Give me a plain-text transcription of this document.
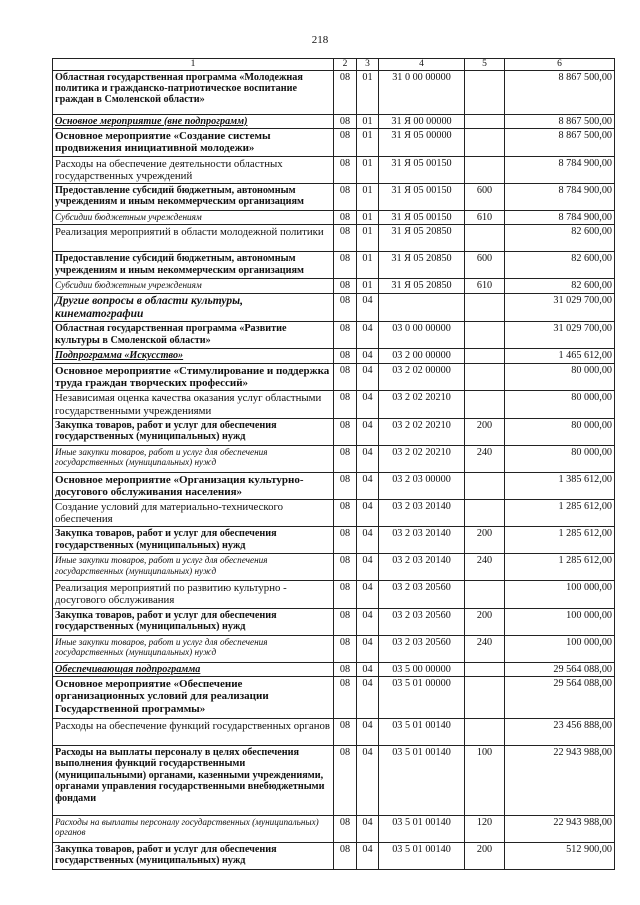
218
1	2	3	4	5	6
Областная государственная программа «Молодежная политика и гражданско-патриотическое воспитание граждан в Смоленской области»	08	01	31 0 00 00000		8 867 500,00
Основное мероприятие (вне подпрограмм)	08	01	31 Я 00 00000		8 867 500,00
Основное мероприятие «Создание системы продвижения инициативной молодежи»	08	01	31 Я 05 00000		8 867 500,00
Расходы на обеспечение деятельности областных государственных учреждений	08	01	31 Я 05 00150		8 784 900,00
Предоставление субсидий бюджетным, автономным учреждениям и иным некоммерческим организациям	08	01	31 Я 05 00150	600	8 784 900,00
Субсидии бюджетным учреждениям	08	01	31 Я 05 00150	610	8 784 900,00
Реализация мероприятий в области молодежной политики	08	01	31 Я 05 20850		82 600,00
Предоставление субсидий бюджетным, автономным учреждениям и иным некоммерческим организациям	08	01	31 Я 05 20850	600	82 600,00
Субсидии бюджетным учреждениям	08	01	31 Я 05 20850	610	82 600,00
Другие вопросы в области культуры, кинематографии	08	04			31 029 700,00
Областная государственная программа «Развитие культуры в Смоленской области»	08	04	03 0 00 00000		31 029 700,00
Подпрограмма «Искусство»	08	04	03 2 00 00000		1 465 612,00
Основное мероприятие «Стимулирование и поддержка труда граждан творческих профессий»	08	04	03 2 02 00000		80 000,00
Независимая оценка качества оказания услуг областными государственными учреждениями	08	04	03 2 02 20210		80 000,00
Закупка товаров, работ и услуг для обеспечения государственных (муниципальных) нужд	08	04	03 2 02 20210	200	80 000,00
Иные закупки товаров, работ и услуг для обеспечения государственных (муниципальных) нужд	08	04	03 2 02 20210	240	80 000,00
Основное мероприятие «Организация культурно-досугового обслуживания населения»	08	04	03 2 03 00000		1 385 612,00
Создание условий для материально-технического обеспечения	08	04	03 2 03 20140		1 285 612,00
Закупка товаров, работ и услуг для обеспечения государственных (муниципальных) нужд	08	04	03 2 03 20140	200	1 285 612,00
Иные закупки товаров, работ и услуг для обеспечения государственных (муниципальных) нужд	08	04	03 2 03 20140	240	1 285 612,00
Реализация мероприятий по развитию культурно - досугового обслуживания	08	04	03 2 03 20560		100 000,00
Закупка товаров, работ и услуг для обеспечения государственных (муниципальных) нужд	08	04	03 2 03 20560	200	100 000,00
Иные закупки товаров, работ и услуг для обеспечения государственных (муниципальных) нужд	08	04	03 2 03 20560	240	100 000,00
Обеспечивающая подпрограмма	08	04	03 5 00 00000		29 564 088,00
Основное мероприятие «Обеспечение организационных условий для реализации Государственной программы»	08	04	03 5 01 00000		29 564 088,00
Расходы на обеспечение функций государственных органов	08	04	03 5 01 00140		23 456 888,00
Расходы на выплаты персоналу в целях обеспечения выполнения функций государственными (муниципальными) органами, казенными учреждениями, органами управления государственными внебюджетными фондами	08	04	03 5 01 00140	100	22 943 988,00
Расходы на выплаты персоналу государственных (муниципальных) органов	08	04	03 5 01 00140	120	22 943 988,00
Закупка товаров, работ и услуг для обеспечения государственных (муниципальных) нужд	08	04	03 5 01 00140	200	512 900,00
